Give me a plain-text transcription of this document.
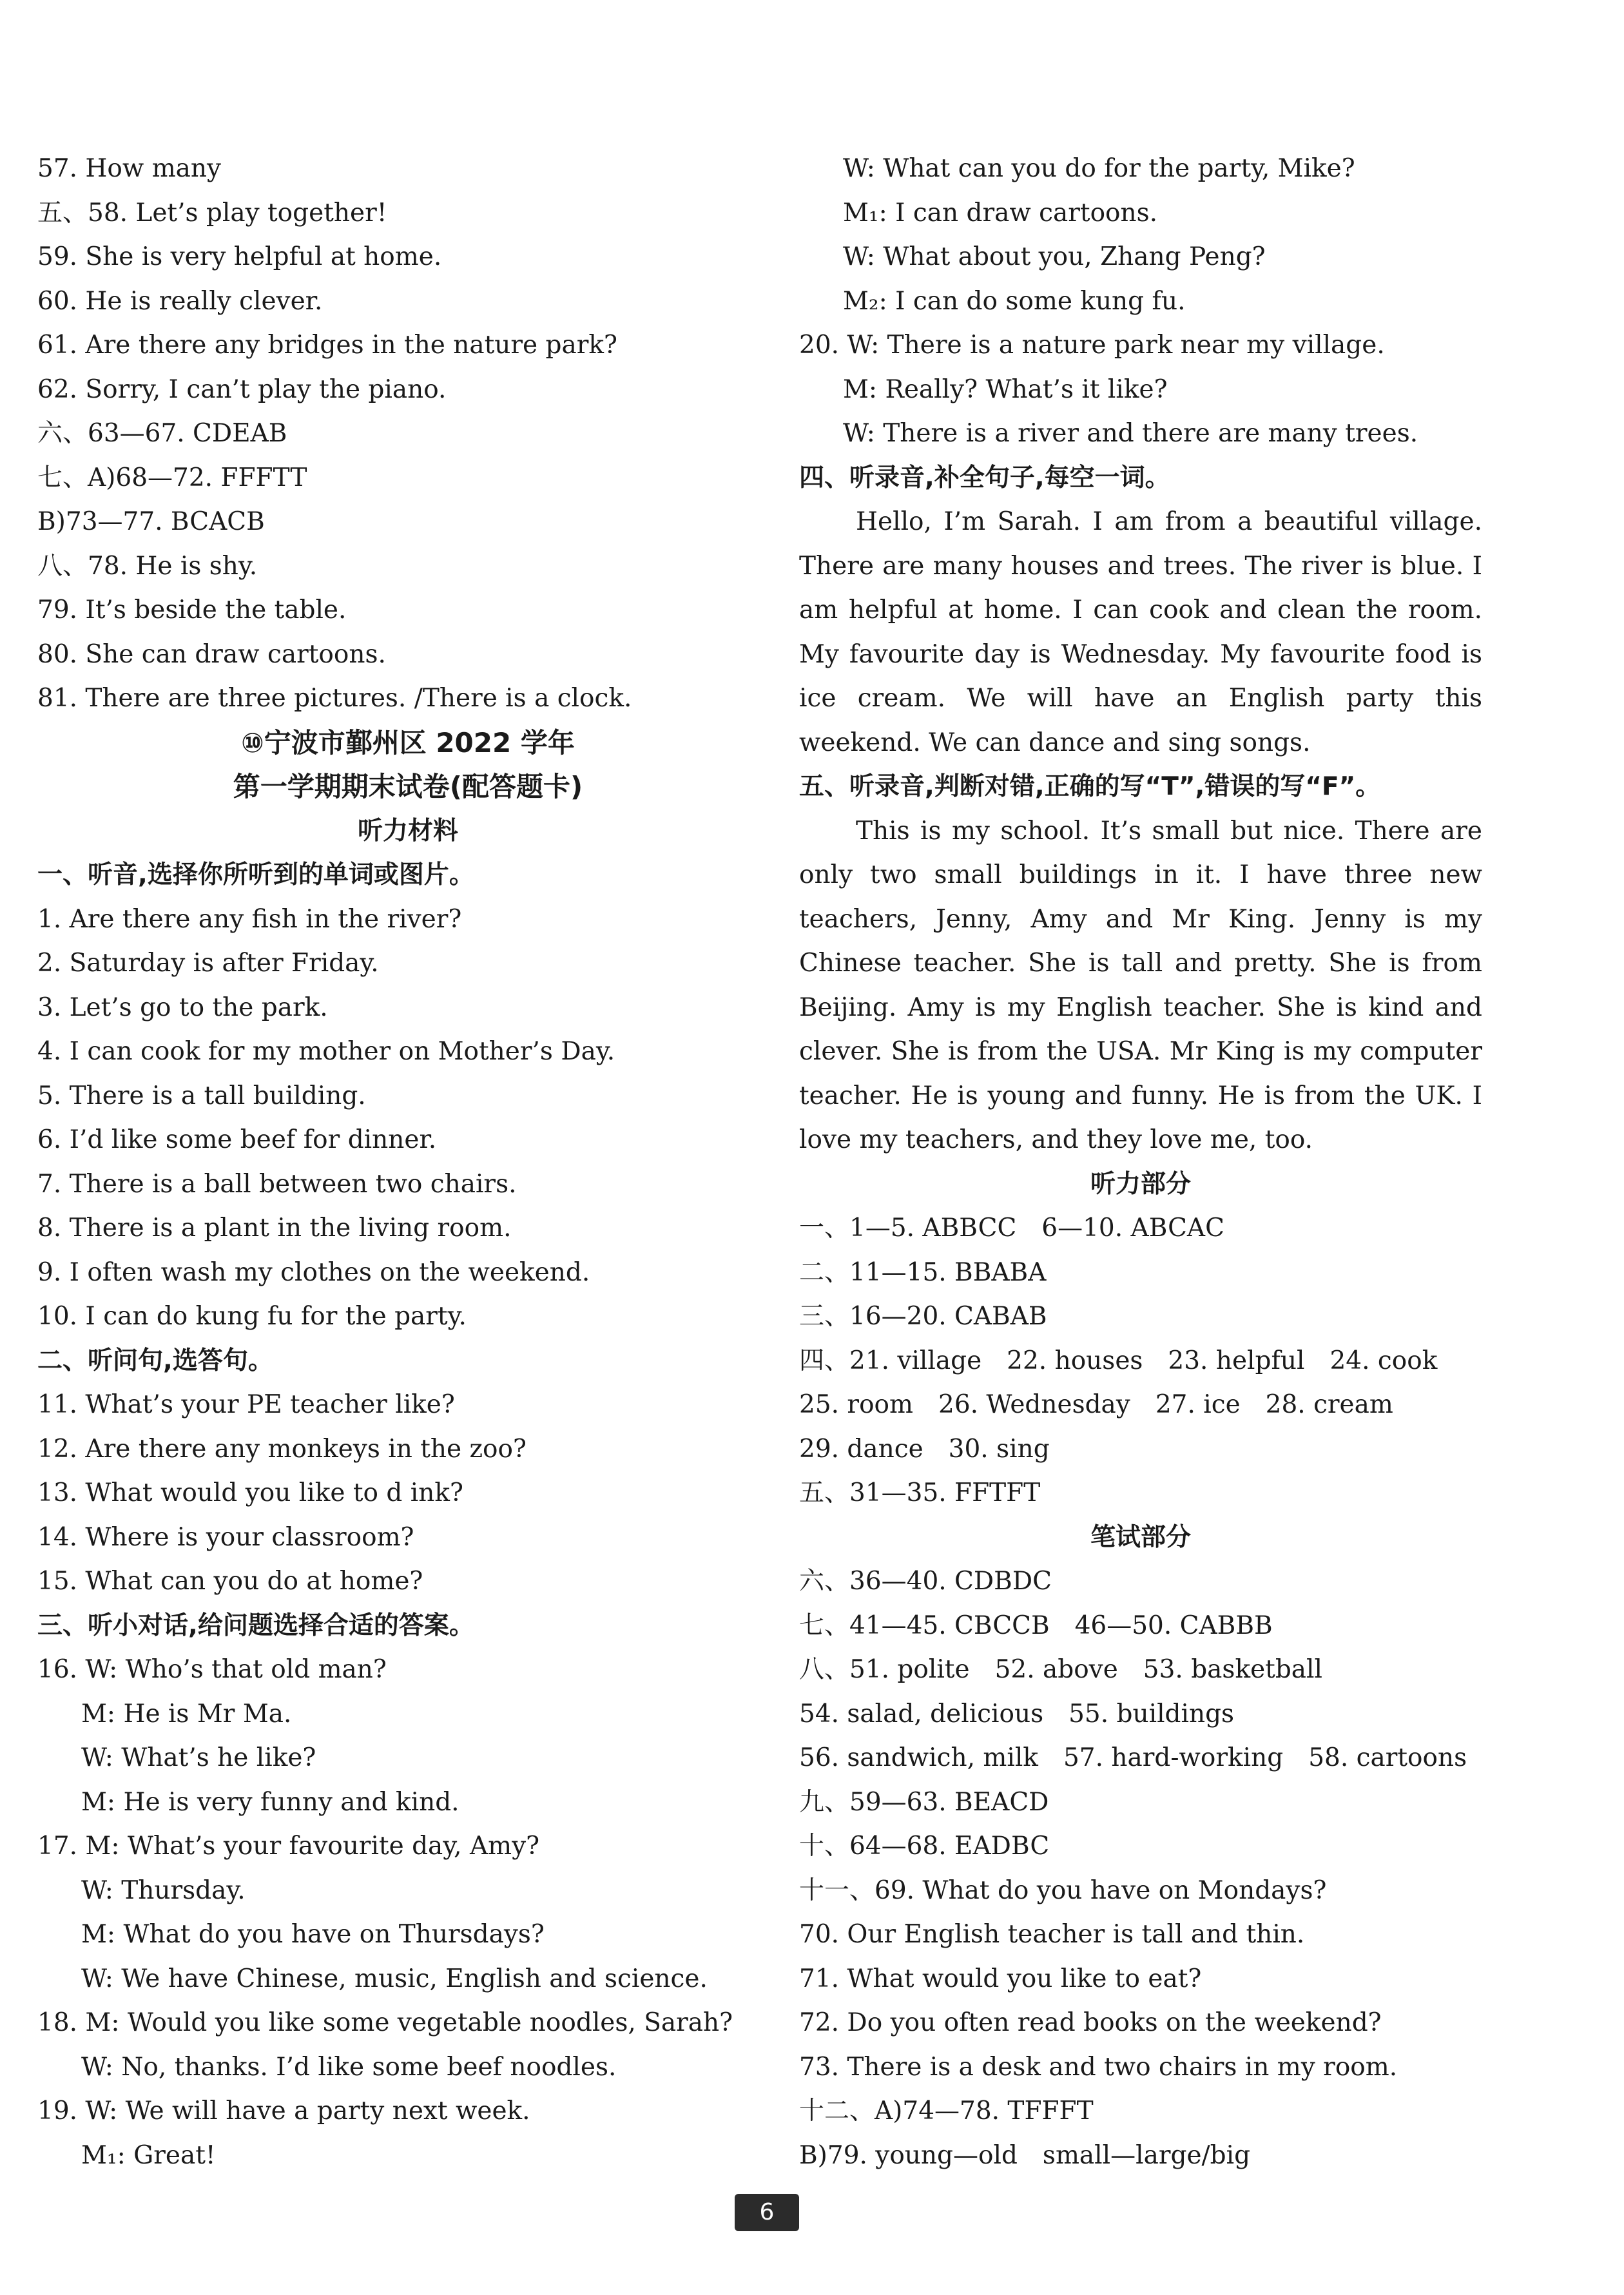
57. How many
五、58. Let’s play together!
59. She is very helpful at home.
60. He is really clever.
61. Are there any bridges in the nature park?
62. Sorry, I can’t play the piano.
六、63—67. CDEAB
七、A)68—72. FFFTT
B)73—77. BCACB
八、78. He is shy.
79. It’s beside the table.
80. She can draw cartoons.
81. There are three pictures. /There is a clock.
⑩宁波市鄞州区 2022 学年
第一学期期末试卷(配答题卡)
听力材料
一、听音,选择你所听到的单词或图片。
1. Are there any fish in the river?
2. Saturday is after Friday.
3. Let’s go to the park.
4. I can cook for my mother on Mother’s Day.
5. There is a tall building.
6. I’d like some beef for dinner.
7. There is a ball between two chairs.
8. There is a plant in the living room.
9. I often wash my clothes on the weekend.
10. I can do kung fu for the party.
二、听问句,选答句。
11. What’s your PE teacher like?
12. Are there any monkeys in the zoo?
13. What would you like to d ink?
14. Where is your classroom?
15. What can you do at home?
三、听小对话,给问题选择合适的答案。
16. W: Who’s that old man?
M: He is Mr Ma.
W: What’s he like?
M: He is very funny and kind.
17. M: What’s your favourite day, Amy?
W: Thursday.
M: What do you have on Thursdays?
W: We have Chinese, music, English and science.
18. M: Would you like some vegetable noodles, Sarah?
W: No, thanks. I’d like some beef noodles.
19. W: We will have a party next week.
M₁: Great!
W: What can you do for the party, Mike?
M₁: I can draw cartoons.
W: What about you, Zhang Peng?
M₂: I can do some kung fu.
20. W: There is a nature park near my village.
M: Really? What’s it like?
W: There is a river and there are many trees.
四、听录音,补全句子,每空一词。

Hello, I’m Sarah. I am from a beautiful village. There are many houses and trees. The river is blue. I am helpful at home. I can cook and clean the room. My favourite day is Wednesday. My favourite food is ice cream. We will have an English party this weekend. We can dance and sing songs.

五、听录音,判断对错,正确的写“T”,错误的写“F”。

This is my school. It’s small but nice. There are only two small buildings in it. I have three new teachers, Jenny, Amy and Mr King. Jenny is my Chinese teacher. She is tall and pretty. She is from Beijing. Amy is my English teacher. She is kind and clever. She is from the USA. Mr King is my computer teacher. He is young and funny. He is from the UK. I love my teachers, and they love me, too.

听力部分
一、1—5. ABBCC　6—10. ABCAC
二、11—15. BBABA
三、16—20. CABAB
四、21. village　22. houses　23. helpful　24. cook
25. room　26. Wednesday　27. ice　28. cream
29. dance　30. sing
五、31—35. FFTFT
笔试部分
六、36—40. CDBDC
七、41—45. CBCCB　46—50. CABBB
八、51. polite　52. above　53. basketball
54. salad, delicious　55. buildings
56. sandwich, milk　57. hard-working　58. cartoons
九、59—63. BEACD
十、64—68. EADBC
十一、69. What do you have on Mondays?
70. Our English teacher is tall and thin.
71. What would you like to eat?
72. Do you often read books on the weekend?
73. There is a desk and two chairs in my room.
十二、A)74—78. TFFFT
B)79. young—old　small—large/big
6
